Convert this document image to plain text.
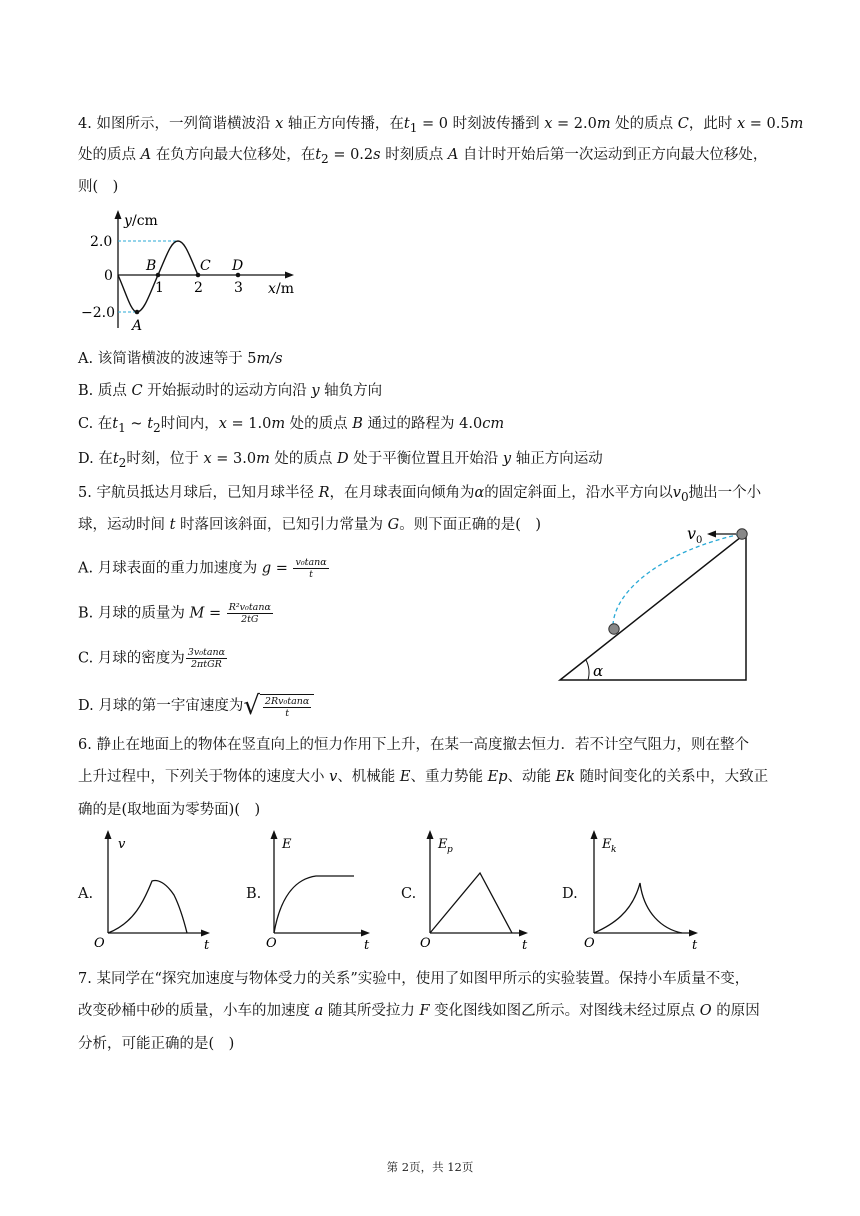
4. 如图所示，一列简谐横波沿 x 轴正方向传播，在$t_1 = 0$ 时刻波传播到 x = 2.0m 处的质点 C，此时 x = 0.5m
处的质点 A 在负方向最大位移处，在$t_2 = 0.2s$ 时刻质点 A 自计时开始后第一次运动到正方向最大位移处，
则(　)
y /cm
2.0
0
−2.0
1 2 3 x /m
A
B	C D
A. 该简谐横波的波速等于 5m/s
B. 质点 C 开始振动时的运动方向沿 y 轴负方向
C. 在$t_1$ ~ $t_2$时间内，x = 1.0m 处的质点 B 通过的路程为 4.0cm
D. 在$t_2$时刻，位于 x = 3.0m 处的质点 D 处于平衡位置且开始沿 y 轴正方向运动
5. 宇航员抵达月球后，已知月球半径 R，在月球表面向倾角为α的固定斜面上，沿水平方向以$v_0$抛出一个小
球，运动时间 t 时落回该斜面，已知引力常量为 G。则下面正确的是(　)
A. 月球表面的重力加速度为 $g = \frac{\text{v₀tanα}}{t}$
B. 月球的质量为 $M = \frac{\text{R²v₀tanα}}{2tG}$
C. 月球的密度为 $\frac{\text{3v₀tanα}}{\text{2πtGR}}$
D. 月球的第一宇宙速度为 √ $\frac{\text{2Rv₀tanα}}{t}$
v 0
α
6. 静止在地面上的物体在竖直向上的恒力作用下上升，在某一高度撤去恒力．若不计空气阻力，则在整个
上升过程中，下列关于物体的速度大小 v、机械能 E、重力势能 Ep、动能 Ek 随时间变化的关系中，大致正
确的是(取地面为零势面)(　)
A.
v
O	t
B.
E
O	t
C.
E p
O	t
D.
E k
O	t
7. 某同学在“探究加速度与物体受力的关系”实验中，使用了如图甲所示的实验装置。保持小车质量不变，
改变砂桶中砂的质量，小车的加速度 a 随其所受拉力 F 变化图线如图乙所示。对图线未经过原点 O 的原因
分析，可能正确的是(　)
第 2页，共 12页
